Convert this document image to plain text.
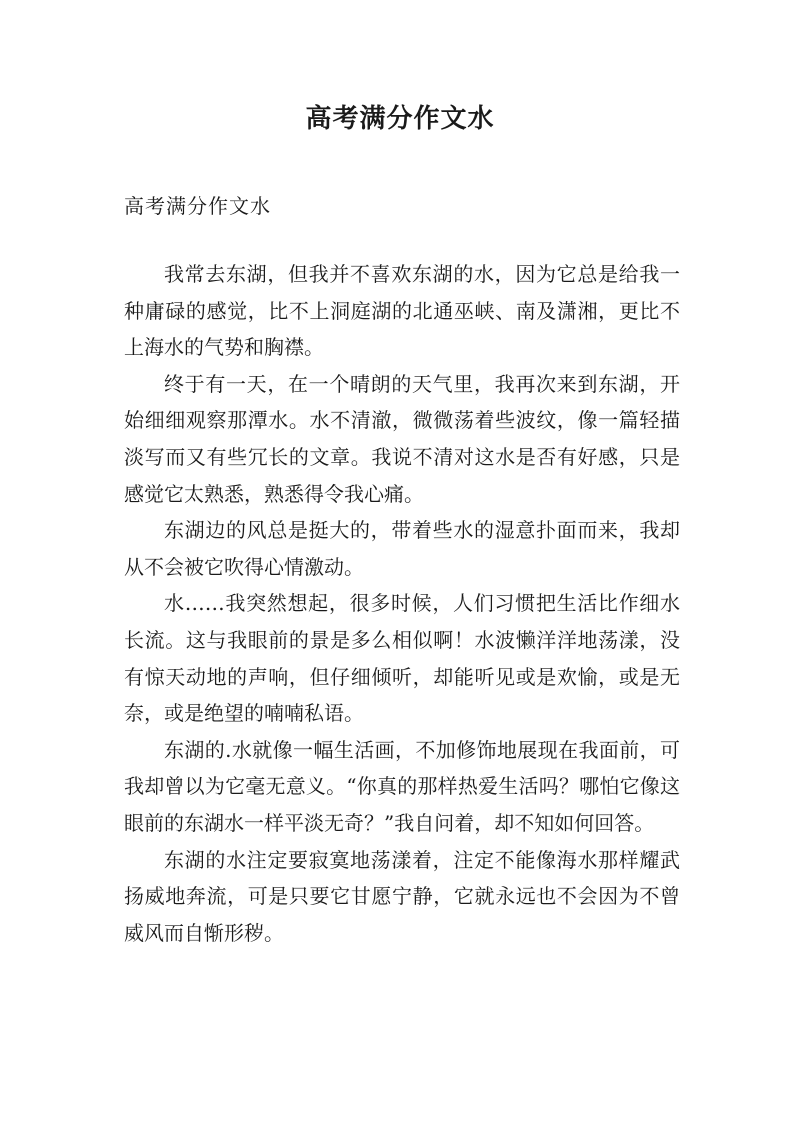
高考满分作文水
高考满分作文水

我常去东湖，但我并不喜欢东湖的水，因为它总是给我一种庸碌的感觉，比不上洞庭湖的北通巫峡、南及潇湘，更比不上海水的气势和胸襟。

终于有一天，在一个晴朗的天气里，我再次来到东湖，开始细细观察那潭水。水不清澈，微微荡着些波纹，像一篇轻描淡写而又有些冗长的文章。我说不清对这水是否有好感，只是感觉它太熟悉，熟悉得令我心痛。

东湖边的风总是挺大的，带着些水的湿意扑面而来，我却从不会被它吹得心情激动。

水……我突然想起，很多时候，人们习惯把生活比作细水长流。这与我眼前的景是多么相似啊！水波懒洋洋地荡漾，没有惊天动地的声响，但仔细倾听，却能听见或是欢愉，或是无奈，或是绝望的喃喃私语。

东湖的.水就像一幅生活画，不加修饰地展现在我面前，可我却曾以为它毫无意义。“你真的那样热爱生活吗？哪怕它像这眼前的东湖水一样平淡无奇？”我自问着，却不知如何回答。

东湖的水注定要寂寞地荡漾着，注定不能像海水那样耀武扬威地奔流，可是只要它甘愿宁静，它就永远也不会因为不曾威风而自惭形秽。
